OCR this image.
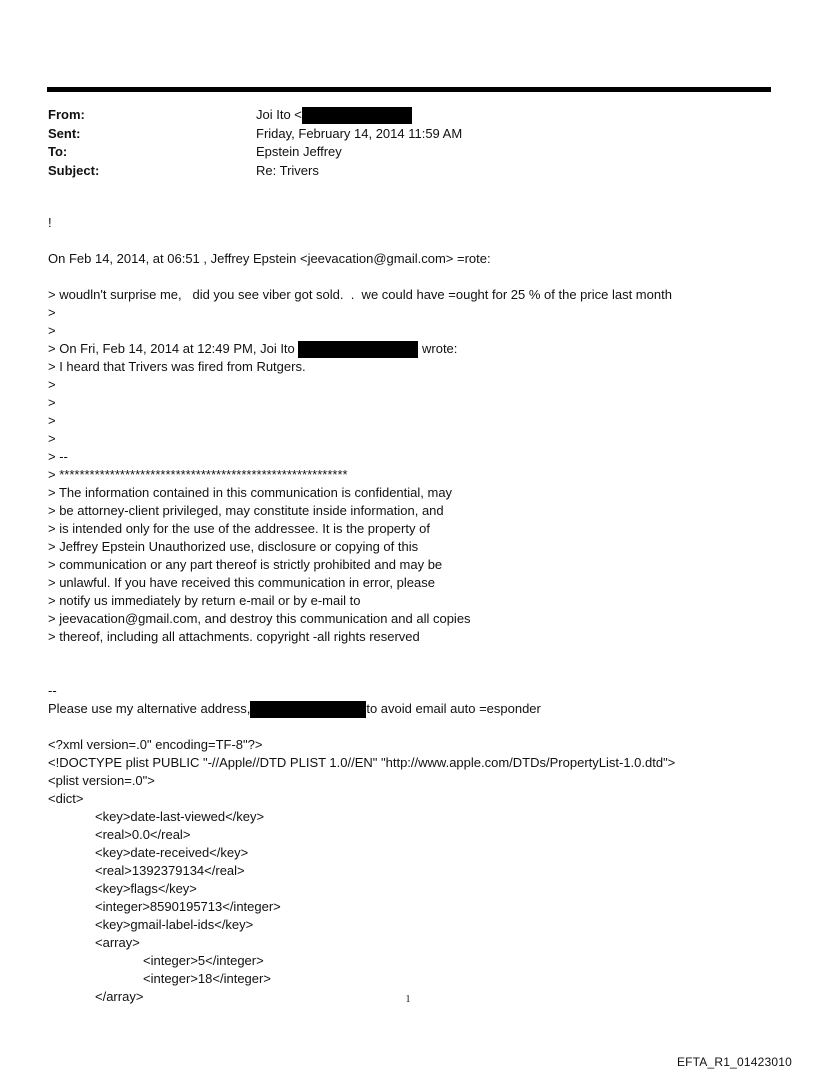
From:	Joi Ito <
Sent:	Friday, February 14, 2014 11:59 AM
To:	Epstein Jeffrey
Subject:	Re: Trivers
!
On Feb 14, 2014, at 06:51 , Jeffrey Epstein <jeevacation@gmail.com> =rote:
> woudln't surprise me,   did you see viber got sold.  .  we could have =ought for 25 % of the price last month
>
>
> On Fri, Feb 14, 2014 at 12:49 PM, Joi Ito	wrote:
> I heard that Trivers was fired from Rutgers.
>
>
>
>
> --
> *********************************************************
> The information contained in this communication is confidential, may
> be attorney-client privileged, may constitute inside information, and
> is intended only for the use of the addressee. It is the property of
> Jeffrey Epstein Unauthorized use, disclosure or copying of this
> communication or any part thereof is strictly prohibited and may be
> unlawful. If you have received this communication in error, please
> notify us immediately by return e-mail or by e-mail to
> jeevacation@gmail.com, and destroy this communication and all copies
> thereof, including all attachments. copyright -all rights reserved
--
Please use my alternative address,	to avoid email auto =esponder
<?xml version=.0" encoding=TF-8"?>
<!DOCTYPE plist PUBLIC "-//Apple//DTD PLIST 1.0//EN" "http://www.apple.com/DTDs/PropertyList-1.0.dtd">
<plist version=.0">
<dict>
<key>date-last-viewed</key>
<real>0.0</real>
<key>date-received</key>
<real>1392379134</real>
<key>flags</key>
<integer>8590195713</integer>
<key>gmail-label-ids</key>
<array>
<integer>5</integer>
<integer>18</integer>
</array>	1
EFTA_R1_01423010
